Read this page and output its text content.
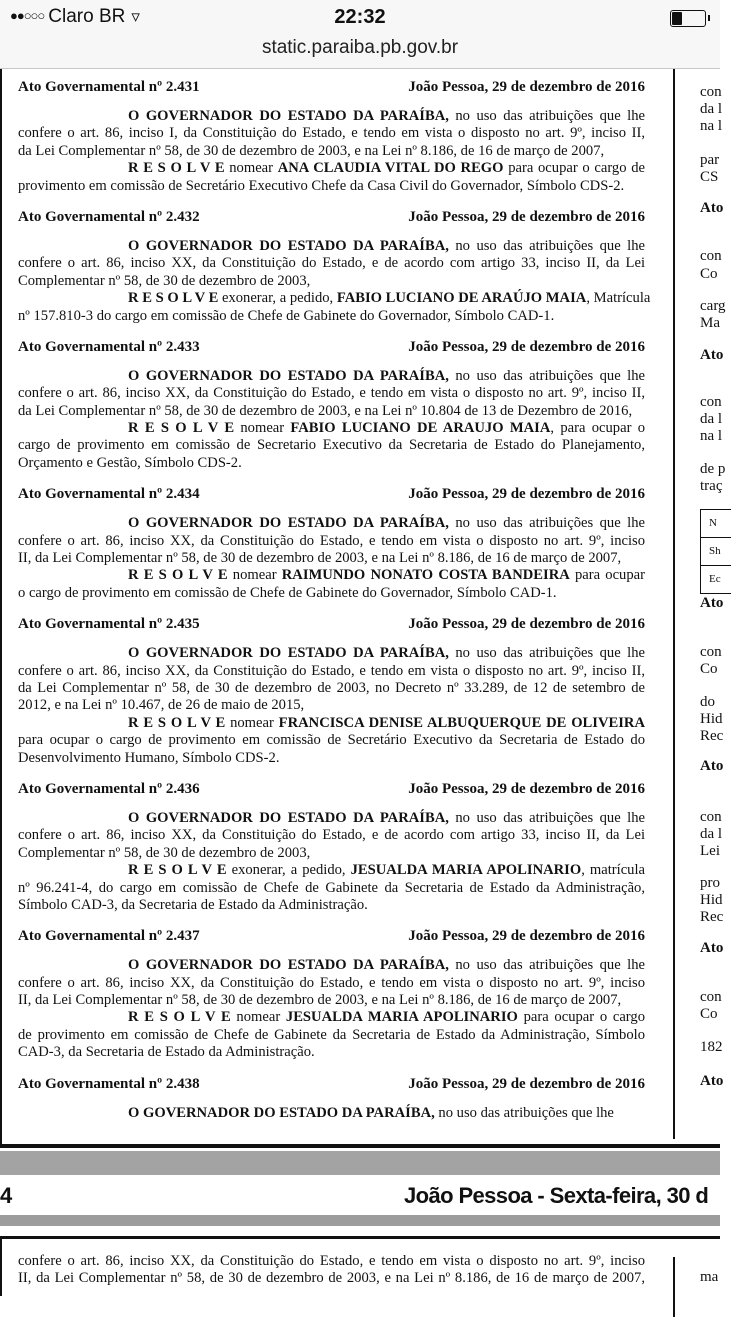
●●○○○ Claro BR ▿	22:32
static.paraiba.pb.gov.br
Ato Governamental nº 2.431	João Pessoa, 29 de dezembro de 2016
O GOVERNADOR DO ESTADO DA PARAÍBA, no uso das atribuições que lhe
confere o art. 86, inciso I, da Constituição do Estado, e tendo em vista o disposto no art. 9º, inciso II,
da Lei Complementar nº 58, de 30 de dezembro de 2003, e na Lei nº 8.186, de 16 de março de 2007,
R E S O L V E nomear ANA CLAUDIA VITAL DO REGO para ocupar o cargo de
provimento em comissão de Secretário Executivo Chefe da Casa Civil do Governador, Símbolo CDS-2.
Ato Governamental nº 2.432	João Pessoa, 29 de dezembro de 2016
O GOVERNADOR DO ESTADO DA PARAÍBA, no uso das atribuições que lhe
confere o art. 86, inciso XX, da Constituição do Estado, e de acordo com artigo 33, inciso II, da Lei
Complementar nº 58, de 30 de dezembro de 2003,
R E S O L V E exonerar, a pedido, FABIO LUCIANO DE ARAÚJO MAIA, Matrícula
nº 157.810-3 do cargo em comissão de Chefe de Gabinete do Governador, Símbolo CAD-1.
Ato Governamental nº 2.433	João Pessoa, 29 de dezembro de 2016
O GOVERNADOR DO ESTADO DA PARAÍBA, no uso das atribuições que lhe
confere o art. 86, inciso XX, da Constituição do Estado, e tendo em vista o disposto no art. 9º, inciso II,
da Lei Complementar nº 58, de 30 de dezembro de 2003, e na Lei nº 10.804 de 13 de Dezembro de 2016,
R E S O L V E nomear FABIO LUCIANO DE ARAUJO MAIA, para ocupar o
cargo de provimento em comissão de Secretario Executivo da Secretaria de Estado do Planejamento,
Orçamento e Gestão, Símbolo CDS-2.
Ato Governamental nº 2.434	João Pessoa, 29 de dezembro de 2016
O GOVERNADOR DO ESTADO DA PARAÍBA, no uso das atribuições que lhe
confere o art. 86, inciso XX, da Constituição do Estado, e tendo em vista o disposto no art. 9º, inciso
II, da Lei Complementar nº 58, de 30 de dezembro de 2003, e na Lei nº 8.186, de 16 de março de 2007,
R E S O L V E nomear RAIMUNDO NONATO COSTA BANDEIRA para ocupar
o cargo de provimento em comissão de Chefe de Gabinete do Governador, Símbolo CAD-1.
Ato Governamental nº 2.435	João Pessoa, 29 de dezembro de 2016
O GOVERNADOR DO ESTADO DA PARAÍBA, no uso das atribuições que lhe
confere o art. 86, inciso XX, da Constituição do Estado, e tendo em vista o disposto no art. 9º, inciso II,
da Lei Complementar nº 58, de 30 de dezembro de 2003, no Decreto nº 33.289, de 12 de setembro de
2012, e na Lei nº 10.467, de 26 de maio de 2015,
R E S O L V E nomear FRANCISCA DENISE ALBUQUERQUE DE OLIVEIRA
para ocupar o cargo de provimento em comissão de Secretário Executivo da Secretaria de Estado do
Desenvolvimento Humano, Símbolo CDS-2.
Ato Governamental nº 2.436	João Pessoa, 29 de dezembro de 2016
O GOVERNADOR DO ESTADO DA PARAÍBA, no uso das atribuições que lhe
confere o art. 86, inciso XX, da Constituição do Estado, e de acordo com artigo 33, inciso II, da Lei
Complementar nº 58, de 30 de dezembro de 2003,
R E S O L V E exonerar, a pedido, JESUALDA MARIA APOLINARIO, matrícula
nº 96.241-4, do cargo em comissão de Chefe de Gabinete da Secretaria de Estado da Administração,
Símbolo CAD-3, da Secretaria de Estado da Administração.
Ato Governamental nº 2.437	João Pessoa, 29 de dezembro de 2016
O GOVERNADOR DO ESTADO DA PARAÍBA, no uso das atribuições que lhe
confere o art. 86, inciso XX, da Constituição do Estado, e tendo em vista o disposto no art. 9º, inciso
II, da Lei Complementar nº 58, de 30 de dezembro de 2003, e na Lei nº 8.186, de 16 de março de 2007,
R E S O L V E nomear JESUALDA MARIA APOLINARIO para ocupar o cargo
de provimento em comissão de Chefe de Gabinete da Secretaria de Estado da Administração, Símbolo
CAD-3, da Secretaria de Estado da Administração.
Ato Governamental nº 2.438	João Pessoa, 29 de dezembro de 2016
O GOVERNADOR DO ESTADO DA PARAÍBA, no uso das atribuições que lhe
con
da l
na l
par
CS
Ato
con
Co
carg
Ma
Ato
con
da l
na l
de p
traç
Ato
con
Co
do
Hid
Rec
Ato
con
da l
Lei
pro
Hid
Rec
Ato
con
Co
182
Ato
N
Sh
Ec
4	João Pessoa - Sexta-feira, 30 d
confere o art. 86, inciso XX, da Constituição do Estado, e tendo em vista o disposto no art. 9º, inciso
II, da Lei Complementar nº 58, de 30 de dezembro de 2003, e na Lei nº 8.186, de 16 de março de 2007,	ma
